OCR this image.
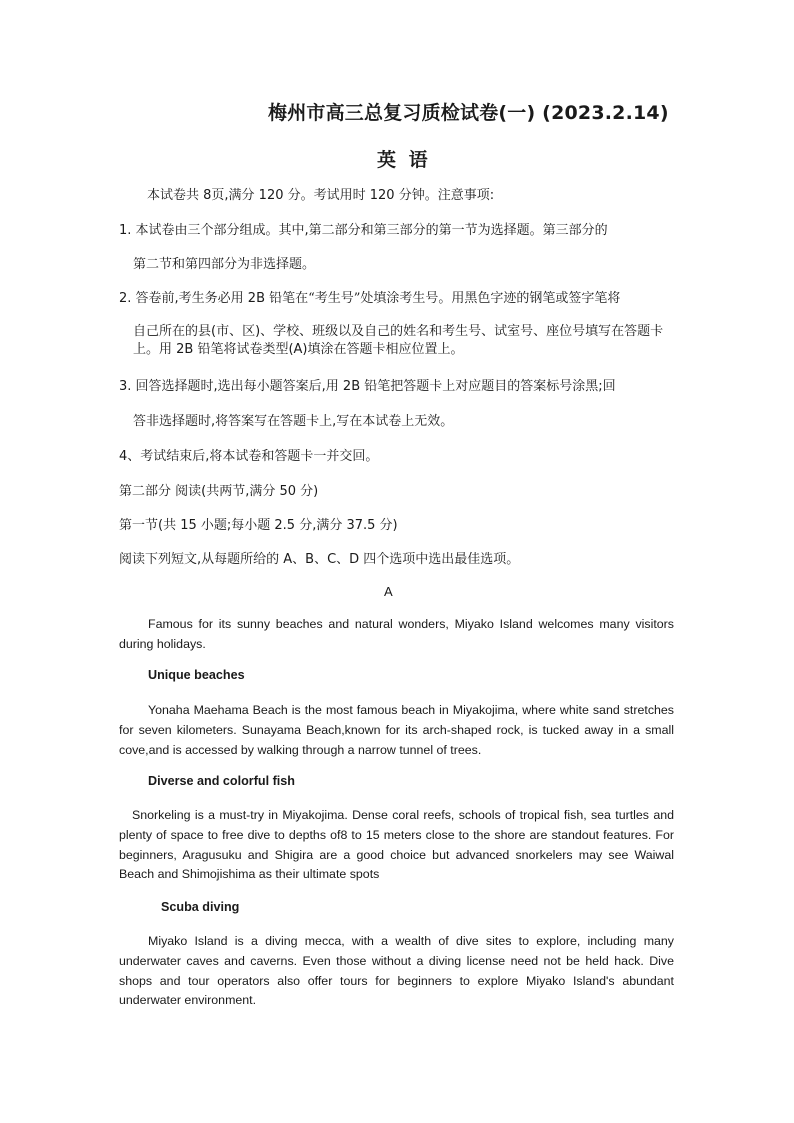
梅州市高三总复习质检试卷(一) (2023.2.14)
英 语
本试卷共 8页,满分 120 分。考试用时 120 分钟。注意事项:
1. 本试卷由三个部分组成。其中,第二部分和第三部分的第一节为选择题。第三部分的
第二节和第四部分为非选择题。
2. 答卷前,考生务必用 2B 铅笔在“考生号”处填涂考生号。用黑色字迹的钢笔或签字笔将
自己所在的县(市、区)、学校、班级以及自己的姓名和考生号、试室号、座位号填写在答题卡上。用 2B 铅笔将试卷类型(A)填涂在答题卡相应位置上。
3. 回答选择题时,选出每小题答案后,用 2B 铅笔把答题卡上对应题目的答案标号涂黑;回
答非选择题时,将答案写在答题卡上,写在本试卷上无效。
4、考试结束后,将本试卷和答题卡一并交回。
第二部分 阅读(共两节,满分 50 分)
第一节(共 15 小题;每小题 2.5 分,满分 37.5 分)
阅读下列短文,从每题所给的 A、B、C、D 四个选项中选出最佳选项。
A

Famous for its sunny beaches and natural wonders, Miyako Island welcomes many visitors during holidays.

Unique beaches

Yonaha Maehama Beach is the most famous beach in Miyakojima, where white sand stretches for seven kilometers. Sunayama Beach,known for its arch-shaped rock, is tucked away in a small cove,and is accessed by walking through a narrow tunnel of trees.

Diverse and colorful fish

Snorkeling is a must-try in Miyakojima. Dense coral reefs, schools of tropical fish, sea turtles and plenty of space to free dive to depths of8 to 15 meters close to the shore are standout features. For beginners, Aragusuku and Shigira are a good choice but advanced snorkelers may see Waiwal Beach and Shimojishima as their ultimate spots

Scuba diving

Miyako Island is a diving mecca, with a wealth of dive sites to explore, including many underwater caves and caverns. Even those without a diving license need not be held hack. Dive shops and tour operators also offer tours for beginners to explore Miyako Island's abundant underwater environment.
